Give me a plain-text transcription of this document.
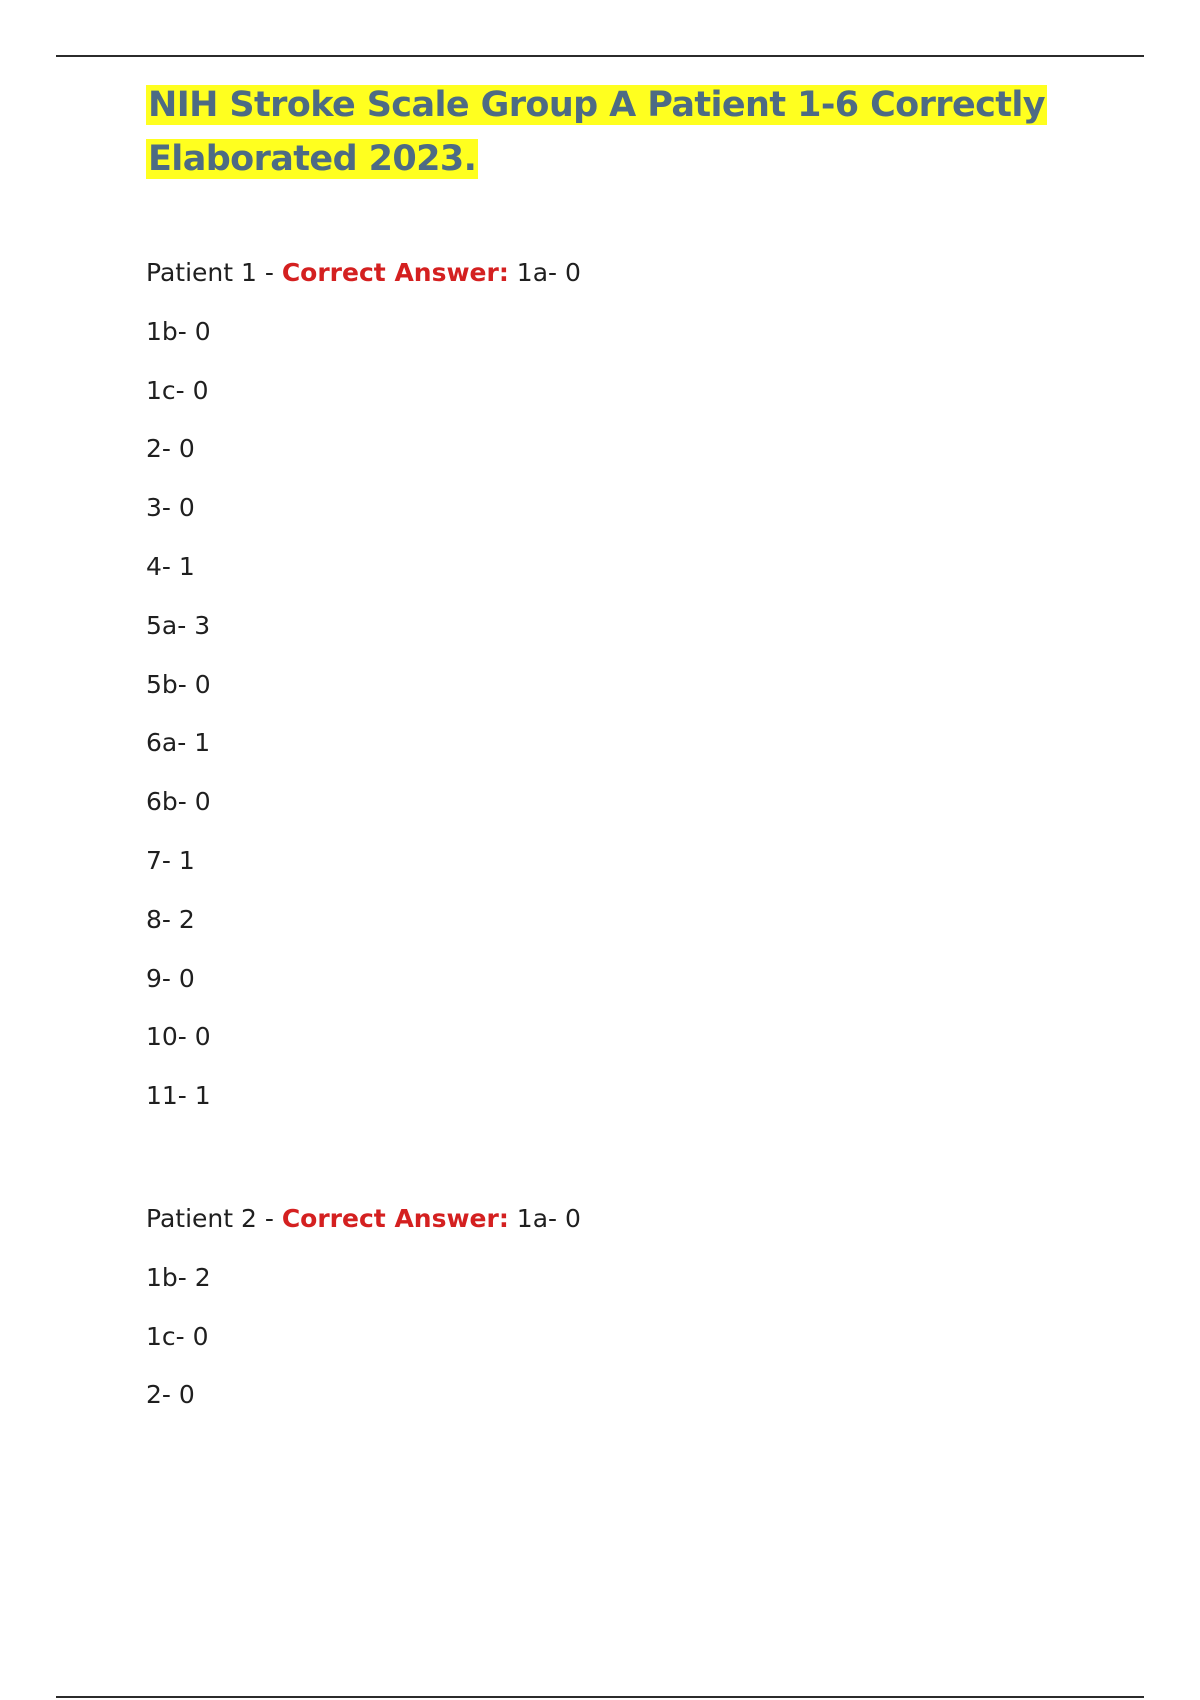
NIH Stroke Scale Group A Patient 1-6 Correctly Elaborated 2023.
Patient 1 - Correct Answer: 1a- 0
1b- 0
1c- 0
2- 0
3- 0
4- 1
5a- 3
5b- 0
6a- 1
6b- 0
7- 1
8- 2
9- 0
10- 0
11- 1
Patient 2 - Correct Answer: 1a- 0
1b- 2
1c- 0
2- 0
